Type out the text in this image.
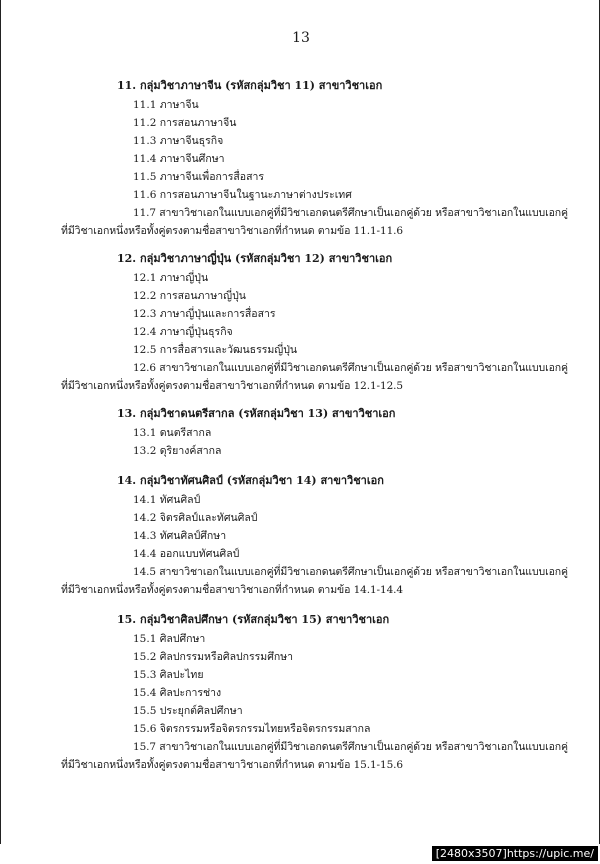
13
11. กลุ่มวิชาภาษาจีน (รหัสกลุ่มวิชา 11) สาขาวิชาเอก
11.1 ภาษาจีน
11.2 การสอนภาษาจีน
11.3 ภาษาจีนธุรกิจ
11.4 ภาษาจีนศึกษา
11.5 ภาษาจีนเพื่อการสื่อสาร
11.6 การสอนภาษาจีนในฐานะภาษาต่างประเทศ
11.7 สาขาวิชาเอกในแบบเอกคู่ที่มีวิชาเอกดนตรีศึกษาเป็นเอกคู่ด้วย หรือสาขาวิชาเอกในแบบเอกคู่
ที่มีวิชาเอกหนึ่งหรือทั้งคู่ตรงตามชื่อสาขาวิชาเอกที่กำหนด ตามข้อ 11.1-11.6
12. กลุ่มวิชาภาษาญี่ปุ่น (รหัสกลุ่มวิชา 12) สาขาวิชาเอก
12.1 ภาษาญี่ปุ่น
12.2 การสอนภาษาญี่ปุ่น
12.3 ภาษาญี่ปุ่นและการสื่อสาร
12.4 ภาษาญี่ปุ่นธุรกิจ
12.5 การสื่อสารและวัฒนธรรมญี่ปุ่น
12.6 สาขาวิชาเอกในแบบเอกคู่ที่มีวิชาเอกดนตรีศึกษาเป็นเอกคู่ด้วย หรือสาขาวิชาเอกในแบบเอกคู่
ที่มีวิชาเอกหนึ่งหรือทั้งคู่ตรงตามชื่อสาขาวิชาเอกที่กำหนด ตามข้อ 12.1-12.5
13. กลุ่มวิชาดนตรีสากล (รหัสกลุ่มวิชา 13) สาขาวิชาเอก
13.1 ดนตรีสากล
13.2 ดุริยางค์สากล
14. กลุ่มวิชาทัศนศิลป์ (รหัสกลุ่มวิชา 14) สาขาวิชาเอก
14.1 ทัศนศิลป์
14.2 จิตรศิลป์และทัศนศิลป์
14.3 ทัศนศิลป์ศึกษา
14.4 ออกแบบทัศนศิลป์
14.5 สาขาวิชาเอกในแบบเอกคู่ที่มีวิชาเอกดนตรีศึกษาเป็นเอกคู่ด้วย หรือสาขาวิชาเอกในแบบเอกคู่
ที่มีวิชาเอกหนึ่งหรือทั้งคู่ตรงตามชื่อสาขาวิชาเอกที่กำหนด ตามข้อ 14.1-14.4
15. กลุ่มวิชาศิลปศึกษา (รหัสกลุ่มวิชา 15) สาขาวิชาเอก
15.1 ศิลปศึกษา
15.2 ศิลปกรรมหรือศิลปกรรมศึกษา
15.3 ศิลปะไทย
15.4 ศิลปะการช่าง
15.5 ประยุกต์ศิลปศึกษา
15.6 จิตรกรรมหรือจิตรกรรมไทยหรือจิตรกรรมสากล
15.7 สาขาวิชาเอกในแบบเอกคู่ที่มีวิชาเอกดนตรีศึกษาเป็นเอกคู่ด้วย หรือสาขาวิชาเอกในแบบเอกคู่
ที่มีวิชาเอกหนึ่งหรือทั้งคู่ตรงตามชื่อสาขาวิชาเอกที่กำหนด ตามข้อ 15.1-15.6
[2480x3507]https://upic.me/
